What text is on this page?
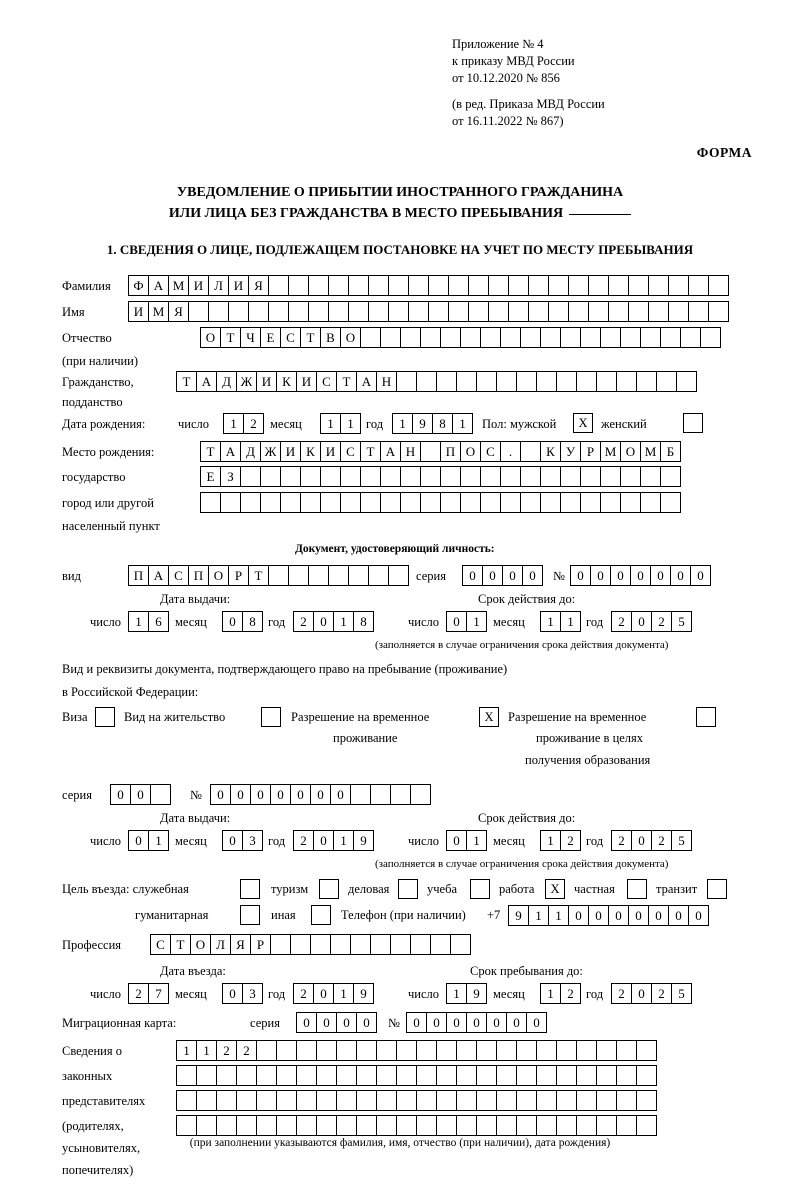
Приложение № 4
к приказу МВД России
от 10.12.2020 № 856
(в ред. Приказа МВД России
от 16.11.2022 № 867)
ФОРМА
УВЕДОМЛЕНИЕ О ПРИБЫТИИ ИНОСТРАННОГО ГРАЖДАНИНА
ИЛИ ЛИЦА БЕЗ ГРАЖДАНСТВА В МЕСТО ПРЕБЫВАНИЯ
1. СВЕДЕНИЯ О ЛИЦЕ, ПОДЛЕЖАЩЕМ ПОСТАНОВКЕ НА УЧЕТ ПО МЕСТУ ПРЕБЫВАНИЯ
Фамилия	Ф А М И Л И Я
Имя	И М Я
Отчество	О Т Ч Е С Т В О
(при наличии)
Гражданство,	Т А Д Ж И К И С Т А Н
подданство
Дата рождения:	число	1	2	месяц	1	1 год	1	9	8	1	Пол: мужской	X	женский
Место рождения:	Т А Д Ж И К И С Т А Н	П О С	.	К У Р М О М Б
государство	Е З
город или другой
населенный пункт
Документ, удостоверяющий личность:
вид	П А С П О Р Т	серия	0	0	0	0	№ 0	0	0	0	0	0	0
Дата выдачи:	Срок действия до:
число	1	6	месяц	0	8 год	2	0	1	8	число	0	1	месяц	1	1 год	2	0	2	5
(заполняется в случае ограничения срока действия документа)
Вид и реквизиты документа, подтверждающего право на пребывание (проживание)
в Российской Федерации:
Виза	Вид на жительство	Разрешение на временное	X	Разрешение на временное
проживание	проживание в целях
получения образования
серия	0	0	№	0	0	0	0	0	0	0
Дата выдачи:	Срок действия до:
число	0	1	месяц	0	3 год	2	0	1	9	число	0	1	месяц	1	2 год	2	0	2	5
(заполняется в случае ограничения срока действия документа)
Цель въезда: служебная	туризм	деловая	учеба	работа	X	частная	транзит
гуманитарная	иная	Телефон (при наличии) +7	9	1	1	0	0	0	0	0	0	0
Профессия	С Т О Л Я Р
Дата въезда:	Срок пребывания до:
число	2	7	месяц	0	3 год	2	0	1	9	число	1	9	месяц	1	2 год	2	0	2	5
Миграционная карта:	серия	0	0	0	0	№	0	0	0	0	0	0	0
Сведения о	1	1	2	2
законных
представителях
(родителях,
усыновителях,
попечителях)
(при заполнении указываются фамилия, имя, отчество (при наличии), дата рождения)
